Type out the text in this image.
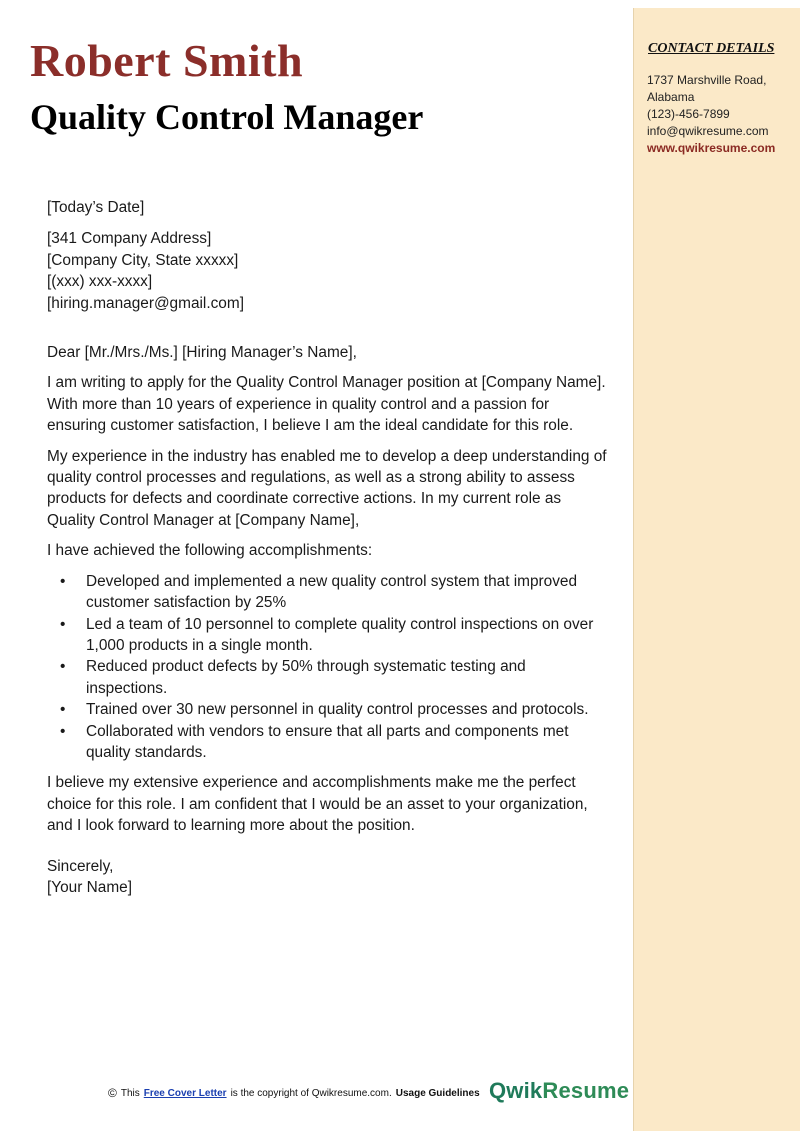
CONTACT DETAILS
1737 Marshville Road,
Alabama
(123)-456-7899
info@qwikresume.com
www.qwikresume.com
Robert Smith
Quality Control Manager
[Today’s Date]
[341 Company Address]
[Company City, State xxxxx]
[(xxx) xxx-xxxx]
[hiring.manager@gmail.com]

Dear [Mr./Mrs./Ms.] [Hiring Manager’s Name],

I am writing to apply for the Quality Control Manager position at [Company Name]. With more than 10 years of experience in quality control and a passion for ensuring customer satisfaction, I believe I am the ideal candidate for this role.

My experience in the industry has enabled me to develop a deep understanding of quality control processes and regulations, as well as a strong ability to assess products for defects and coordinate corrective actions. In my current role as Quality Control Manager at [Company Name],

I have achieved the following accomplishments:

• Developed and implemented a new quality control system that improved customer satisfaction by 25%
• Led a team of 10 personnel to complete quality control inspections on over 1,000 products in a single month.
• Reduced product defects by 50% through systematic testing and inspections.
• Trained over 30 new personnel in quality control processes and protocols.
• Collaborated with vendors to ensure that all parts and components met quality standards.

I believe my extensive experience and accomplishments make me the perfect choice for this role. I am confident that I would be an asset to your organization, and I look forward to learning more about the position.

Sincerely,
[Your Name]
© This Free Cover Letter is the copyright of Qwikresume.com. Usage Guidelines QwikResume
